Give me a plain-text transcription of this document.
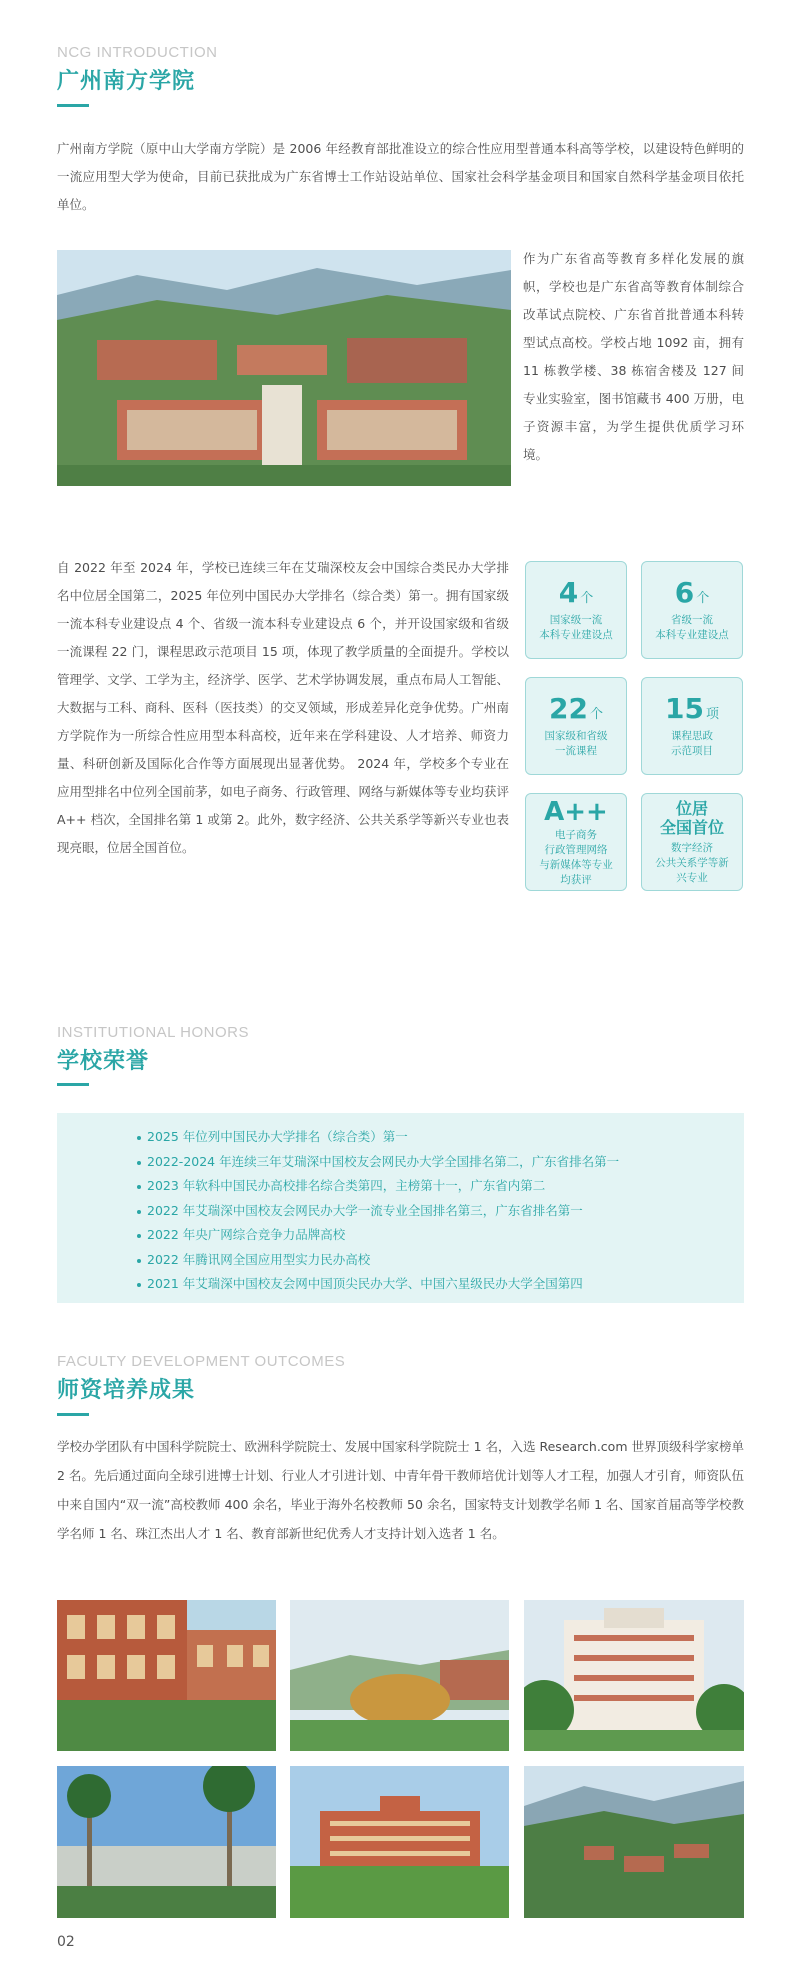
NCG INTRODUCTION
广州南方学院

广州南方学院（原中山大学南方学院）是 2006 年经教育部批准设立的综合性应用型普通本科高等学校，以建设特色鲜明的一流应用型大学为使命，目前已获批成为广东省博士工作站设站单位、国家社会科学基金项目和国家自然科学基金项目依托单位。

作为广东省高等教育多样化发展的旗帜，学校也是广东省高等教育体制综合改革试点院校、广东省首批普通本科转型试点高校。学校占地 1092 亩，拥有 11 栋教学楼、38 栋宿舍楼及 127 间专业实验室，图书馆藏书 400 万册，电子资源丰富，为学生提供优质学习环境。

自 2022 年至 2024 年，学校已连续三年在艾瑞深校友会中国综合类民办大学排名中位居全国第二，2025 年位列中国民办大学排名（综合类）第一。拥有国家级一流本科专业建设点 4 个、省级一流本科专业建设点 6 个，并开设国家级和省级一流课程 22 门，课程思政示范项目 15 项，体现了教学质量的全面提升。学校以管理学、文学、工学为主，经济学、医学、艺术学协调发展，重点布局人工智能、大数据与工科、商科、医科（医技类）的交叉领域，形成差异化竞争优势。广州南方学院作为一所综合性应用型本科高校，近年来在学科建设、人才培养、师资力量、科研创新及国际化合作等方面展现出显著优势。 2024 年，学校多个专业在应用型排名中位列全国前茅，如电子商务、行政管理、网络与新媒体等专业均获评 A++ 档次，全国排名第 1 或第 2。此外，数字经济、公共关系学等新兴专业也表现亮眼，位居全国首位。

4 个
国家级一流
本科专业建设点
6 个
省级一流
本科专业建设点
22 个
国家级和省级
一流课程
15 项
课程思政
示范项目
A++
电子商务
行政管理网络
与新媒体等专业
均获评
位居
全国首位
数字经济
公共关系学等新
兴专业
INSTITUTIONAL HONORS
学校荣誉
2025 年位列中国民办大学排名（综合类）第一
2022-2024 年连续三年艾瑞深中国校友会网民办大学全国排名第二，广东省排名第一
2023 年软科中国民办高校排名综合类第四，主榜第十一，广东省内第二
2022 年艾瑞深中国校友会网民办大学一流专业全国排名第三，广东省排名第一
2022 年央广网综合竞争力品牌高校
2022 年腾讯网全国应用型实力民办高校
2021 年艾瑞深中国校友会网中国顶尖民办大学、中国六星级民办大学全国第四
FACULTY DEVELOPMENT OUTCOMES
师资培养成果

学校办学团队有中国科学院院士、欧洲科学院院士、发展中国家科学院院士 1 名，入选 Research.com 世界顶级科学家榜单 2 名。先后通过面向全球引进博士计划、行业人才引进计划、中青年骨干教师培优计划等人才工程，加强人才引育，师资队伍中来自国内“双一流”高校教师 400 余名，毕业于海外名校教师 50 余名，国家特支计划教学名师 1 名、国家首届高等学校教学名师 1 名、珠江杰出人才 1 名、教育部新世纪优秀人才支持计划入选者 1 名。

02
